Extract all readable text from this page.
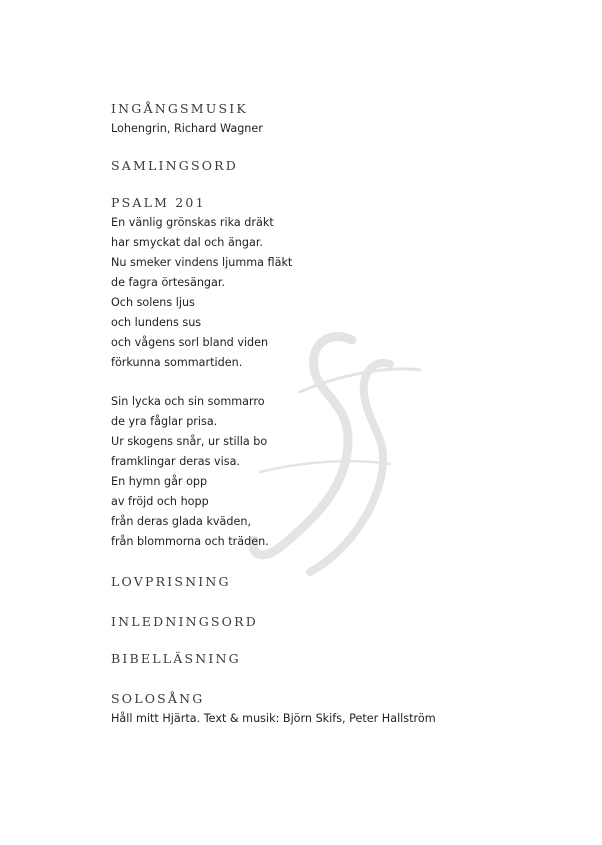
INGÅNGSMUSIK
Lohengrin, Richard Wagner
SAMLINGSORD
PSALM 201
En vänlig grönskas rika dräkt
har smyckat dal och ängar.
Nu smeker vindens ljumma fläkt
de fagra örtesängar.
Och solens ljus
och lundens sus
och vågens sorl bland viden
förkunna sommartiden.
Sin lycka och sin sommarro
de yra fåglar prisa.
Ur skogens snår, ur stilla bo
framklingar deras visa.
En hymn går opp
av fröjd och hopp
från deras glada kväden,
från blommorna och träden.
LOVPRISNING
INLEDNINGSORD
BIBELLÄSNING
SOLOSÅNG
Håll mitt Hjärta. Text & musik: Björn Skifs, Peter Hallström
